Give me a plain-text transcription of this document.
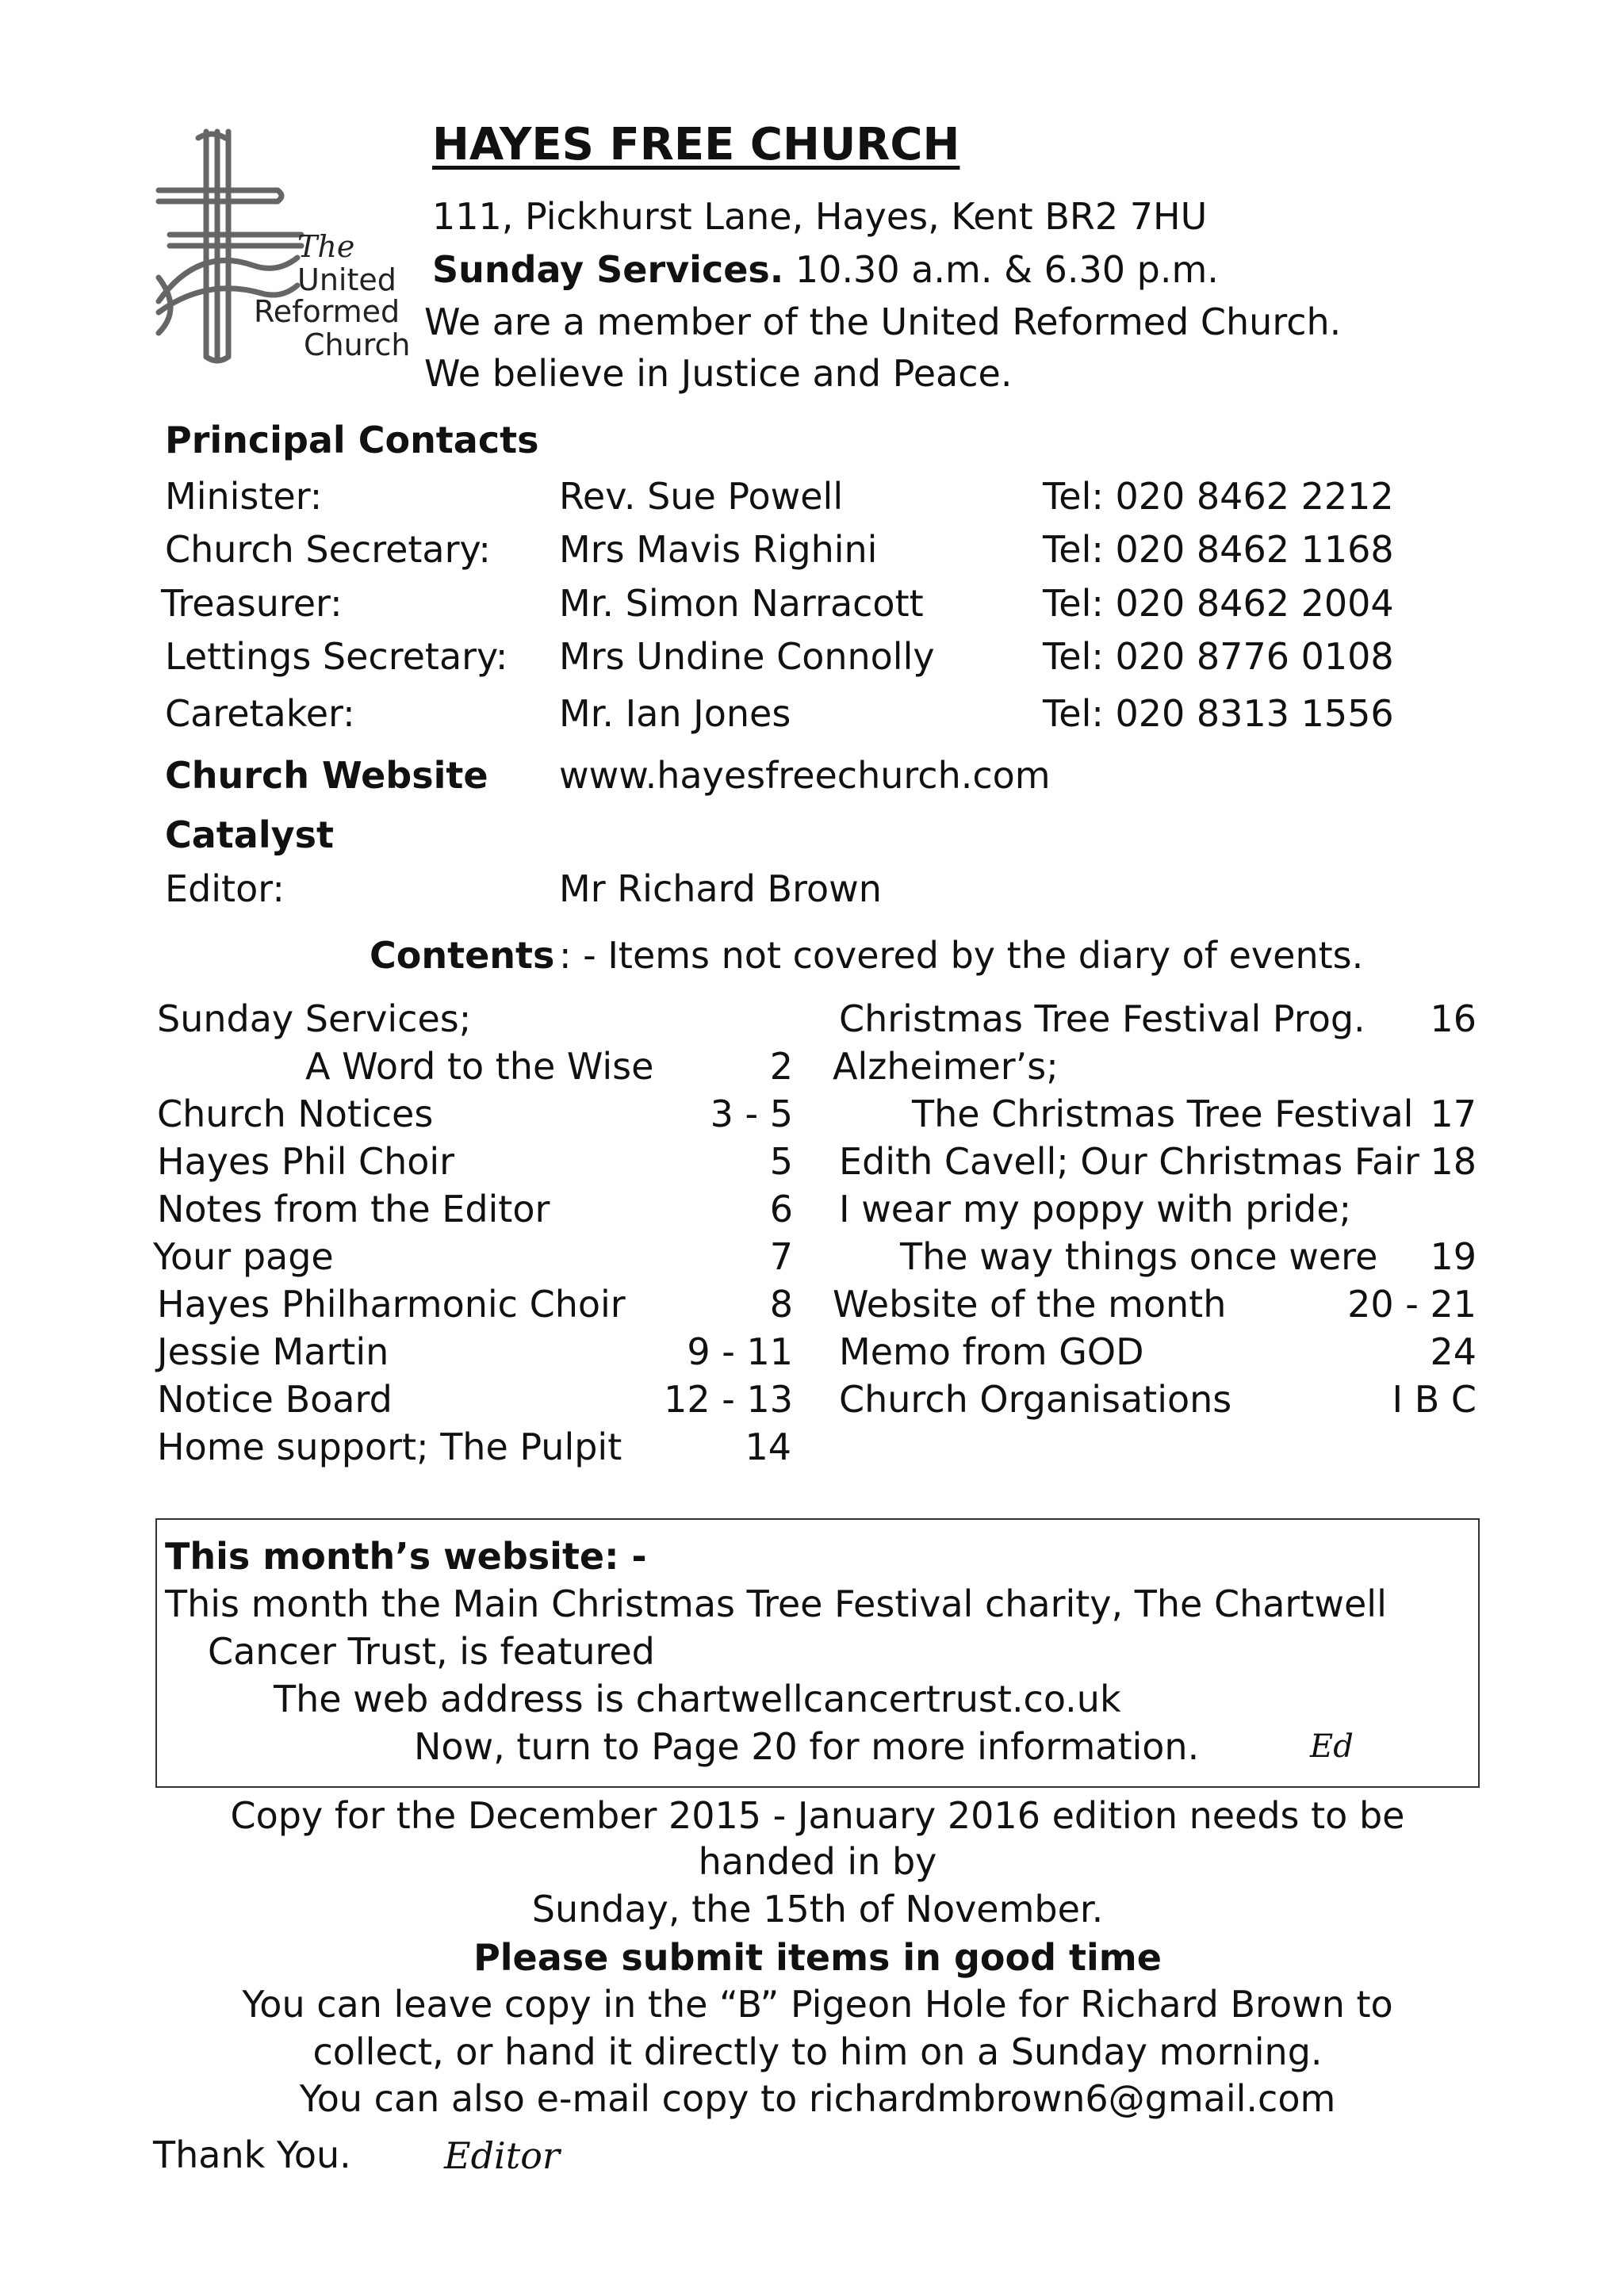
The
United
Reformed
Church
HAYES FREE CHURCH
111, Pickhurst Lane, Hayes, Kent BR2 7HU
Sunday Services. 10.30 a.m. & 6.30 p.m.
We are a member of the United Reformed Church.
We believe in Justice and Peace.
Principal Contacts
Minister:	Rev. Sue Powell	Tel: 020 8462 2212
Church Secretary: Mrs Mavis Righini	Tel: 020 8462 1168
Treasurer:	Mr. Simon Narracott	Tel: 020 8462 2004
Lettings Secretary: Mrs Undine Connolly	Tel: 020 8776 0108
Caretaker:	Mr. Ian Jones	Tel: 020 8313 1556
Church Website www.hayesfreechurch.com
Catalyst
Editor:	Mr Richard Brown
Contents : - Items not covered by the diary of events.
Sunday Services;
A Word to the Wise	2
Church Notices	3 - 5
Hayes Phil Choir	5
Notes from the Editor	6
Your page	7
Hayes Philharmonic Choir	8
Jessie Martin	9 - 11
Notice Board	12 - 13
Home support; The Pulpit	14
Christmas Tree Festival Prog. 16
Alzheimer’s;
The Christmas Tree Festival 17
Edith Cavell; Our Christmas Fair 18
I wear my poppy with pride;
The way things once were 19
Website of the month	20 - 21
Memo from GOD	24
Church Organisations	I B C
This month’s website: -
This month the Main Christmas Tree Festival charity, The Chartwell
Cancer Trust, is featured
The web address is chartwellcancertrust.co.uk
Now, turn to Page 20 for more information.	Ed
Copy for the December 2015 - January 2016 edition needs to be
handed in by
Sunday, the 15th of November.
Please submit items in good time
You can leave copy in the “B” Pigeon Hole for Richard Brown to
collect, or hand it directly to him on a Sunday morning.
You can also e-mail copy to richardmbrown6@gmail.com
Thank You.	Editor
